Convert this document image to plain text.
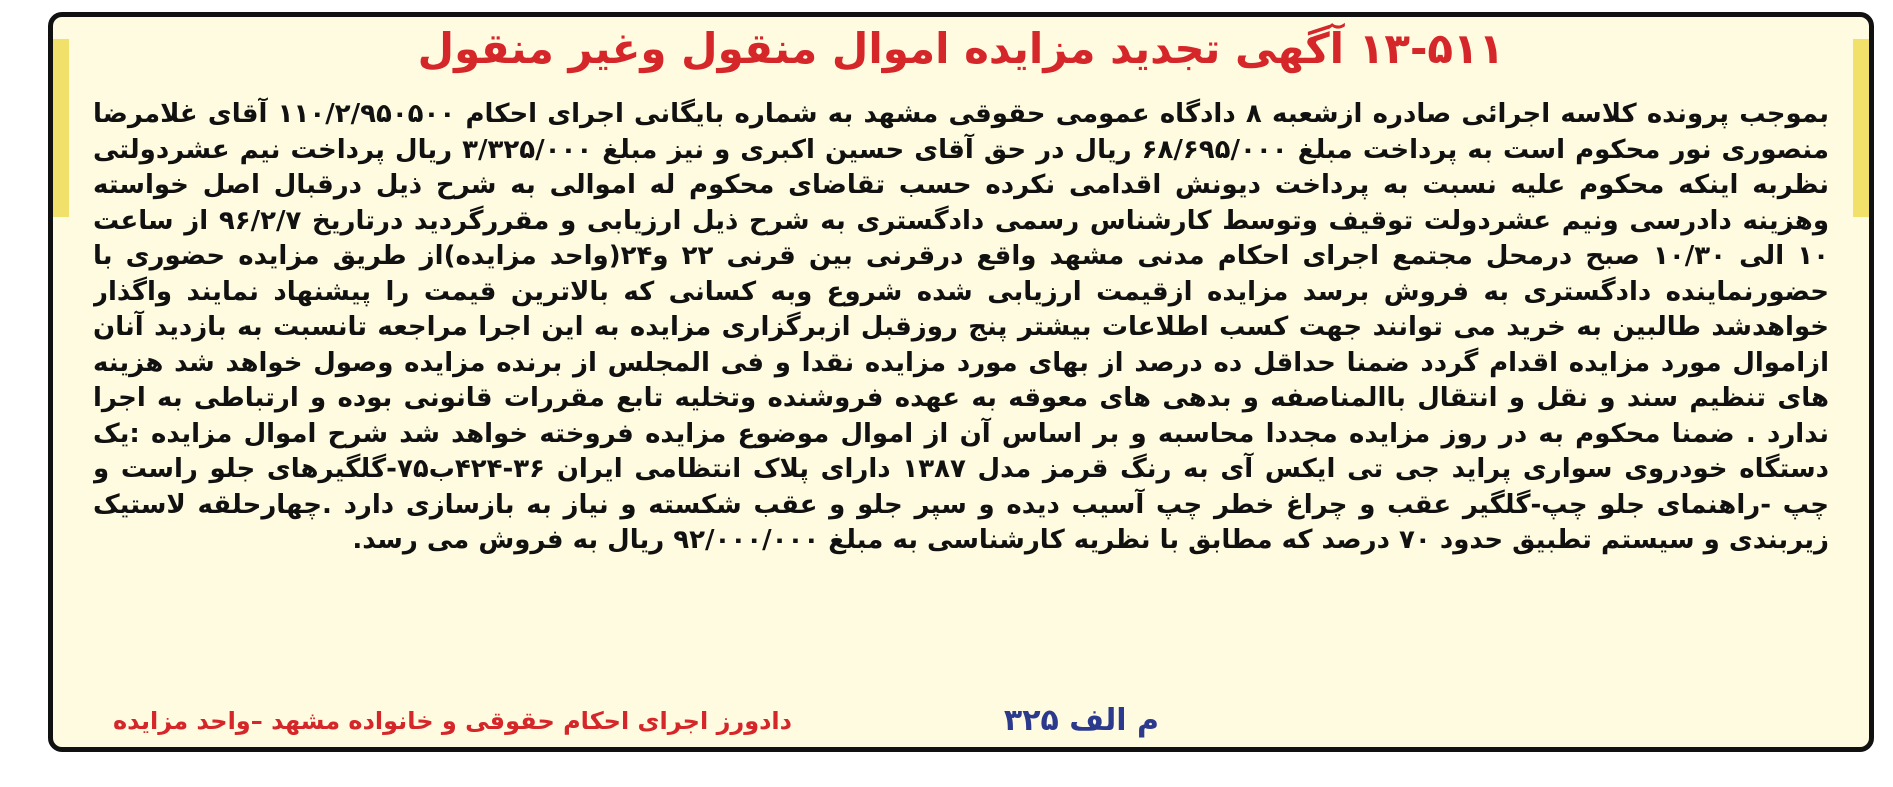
۱۳-۵۱۱ آگهی تجدید مزایده اموال منقول وغیر منقول
بموجب پرونده کلاسه اجرائی صادره ازشعبه ۸ دادگاه عمومی حقوقی مشهد به شماره بایگانی اجرای احکام ۱۱۰/۲/۹۵۰۵۰۰ آقای غلامرضا منصوری نور محکوم است به پرداخت مبلغ ۶۸/۶۹۵/۰۰۰ ریال در حق آقای حسین اکبری و نیز مبلغ ۳/۳۲۵/۰۰۰ ریال پرداخت نیم عشردولتی نظربه اینکه محکوم علیه نسبت به پرداخت دیونش اقدامی نکرده حسب تقاضای محکوم له اموالی به شرح ذیل درقبال اصل خواسته وهزینه دادرسی ونیم عشردولت توقیف وتوسط کارشناس رسمی دادگستری به شرح ذیل ارزیابی و مقررگردید درتاریخ ۹۶/۲/۷ از ساعت ۱۰ الی ۱۰/۳۰ صبح درمحل مجتمع اجرای احکام مدنی مشهد واقع درقرنی بین قرنی ۲۲ و۲۴(واحد مزایده)از طریق مزایده حضوری با حضورنماینده دادگستری به فروش برسد مزایده ازقیمت ارزیابی شده شروع وبه کسانی که بالاترین قیمت را پیشنهاد نمایند واگذار خواهدشد طالبین به خرید می توانند جهت کسب اطلاعات بیشتر پنج روزقبل ازبرگزاری مزایده به این اجرا مراجعه تانسبت به بازدید آنان ازاموال مورد مزایده اقدام گردد ضمنا حداقل ده درصد از بهای مورد مزایده نقدا و فی المجلس از برنده مزایده وصول خواهد شد هزینه های تنظیم سند و نقل و انتقال باالمناصفه و بدهی های معوقه به عهده فروشنده وتخلیه تابع مقررات قانونی بوده و ارتباطی به اجرا ندارد . ضمنا محکوم به در روز مزایده مجددا محاسبه و بر اساس آن از اموال موضوع مزایده فروخته خواهد شد شرح اموال مزایده :یک دستگاه خودروی سواری پراید جی تی ایکس آی به رنگ قرمز مدل ۱۳۸۷ دارای پلاک انتظامی ایران ۳۶-۴۲۴ب۷۵-گلگیرهای جلو راست و چپ -راهنمای جلو چپ-گلگیر عقب و چراغ خطر چپ آسیب دیده و سپر جلو و عقب شکسته و نیاز به بازسازی دارد .چهارحلقه لاستیک زیربندی و سیستم تطبیق حدود ۷۰ درصد که مطابق با نظریه کارشناسی به مبلغ ۹۲/۰۰۰/۰۰۰ ریال به فروش می رسد.
م الف ۳۲۵
دادورز اجرای احکام حقوقی و خانواده مشهد –واحد مزایده
